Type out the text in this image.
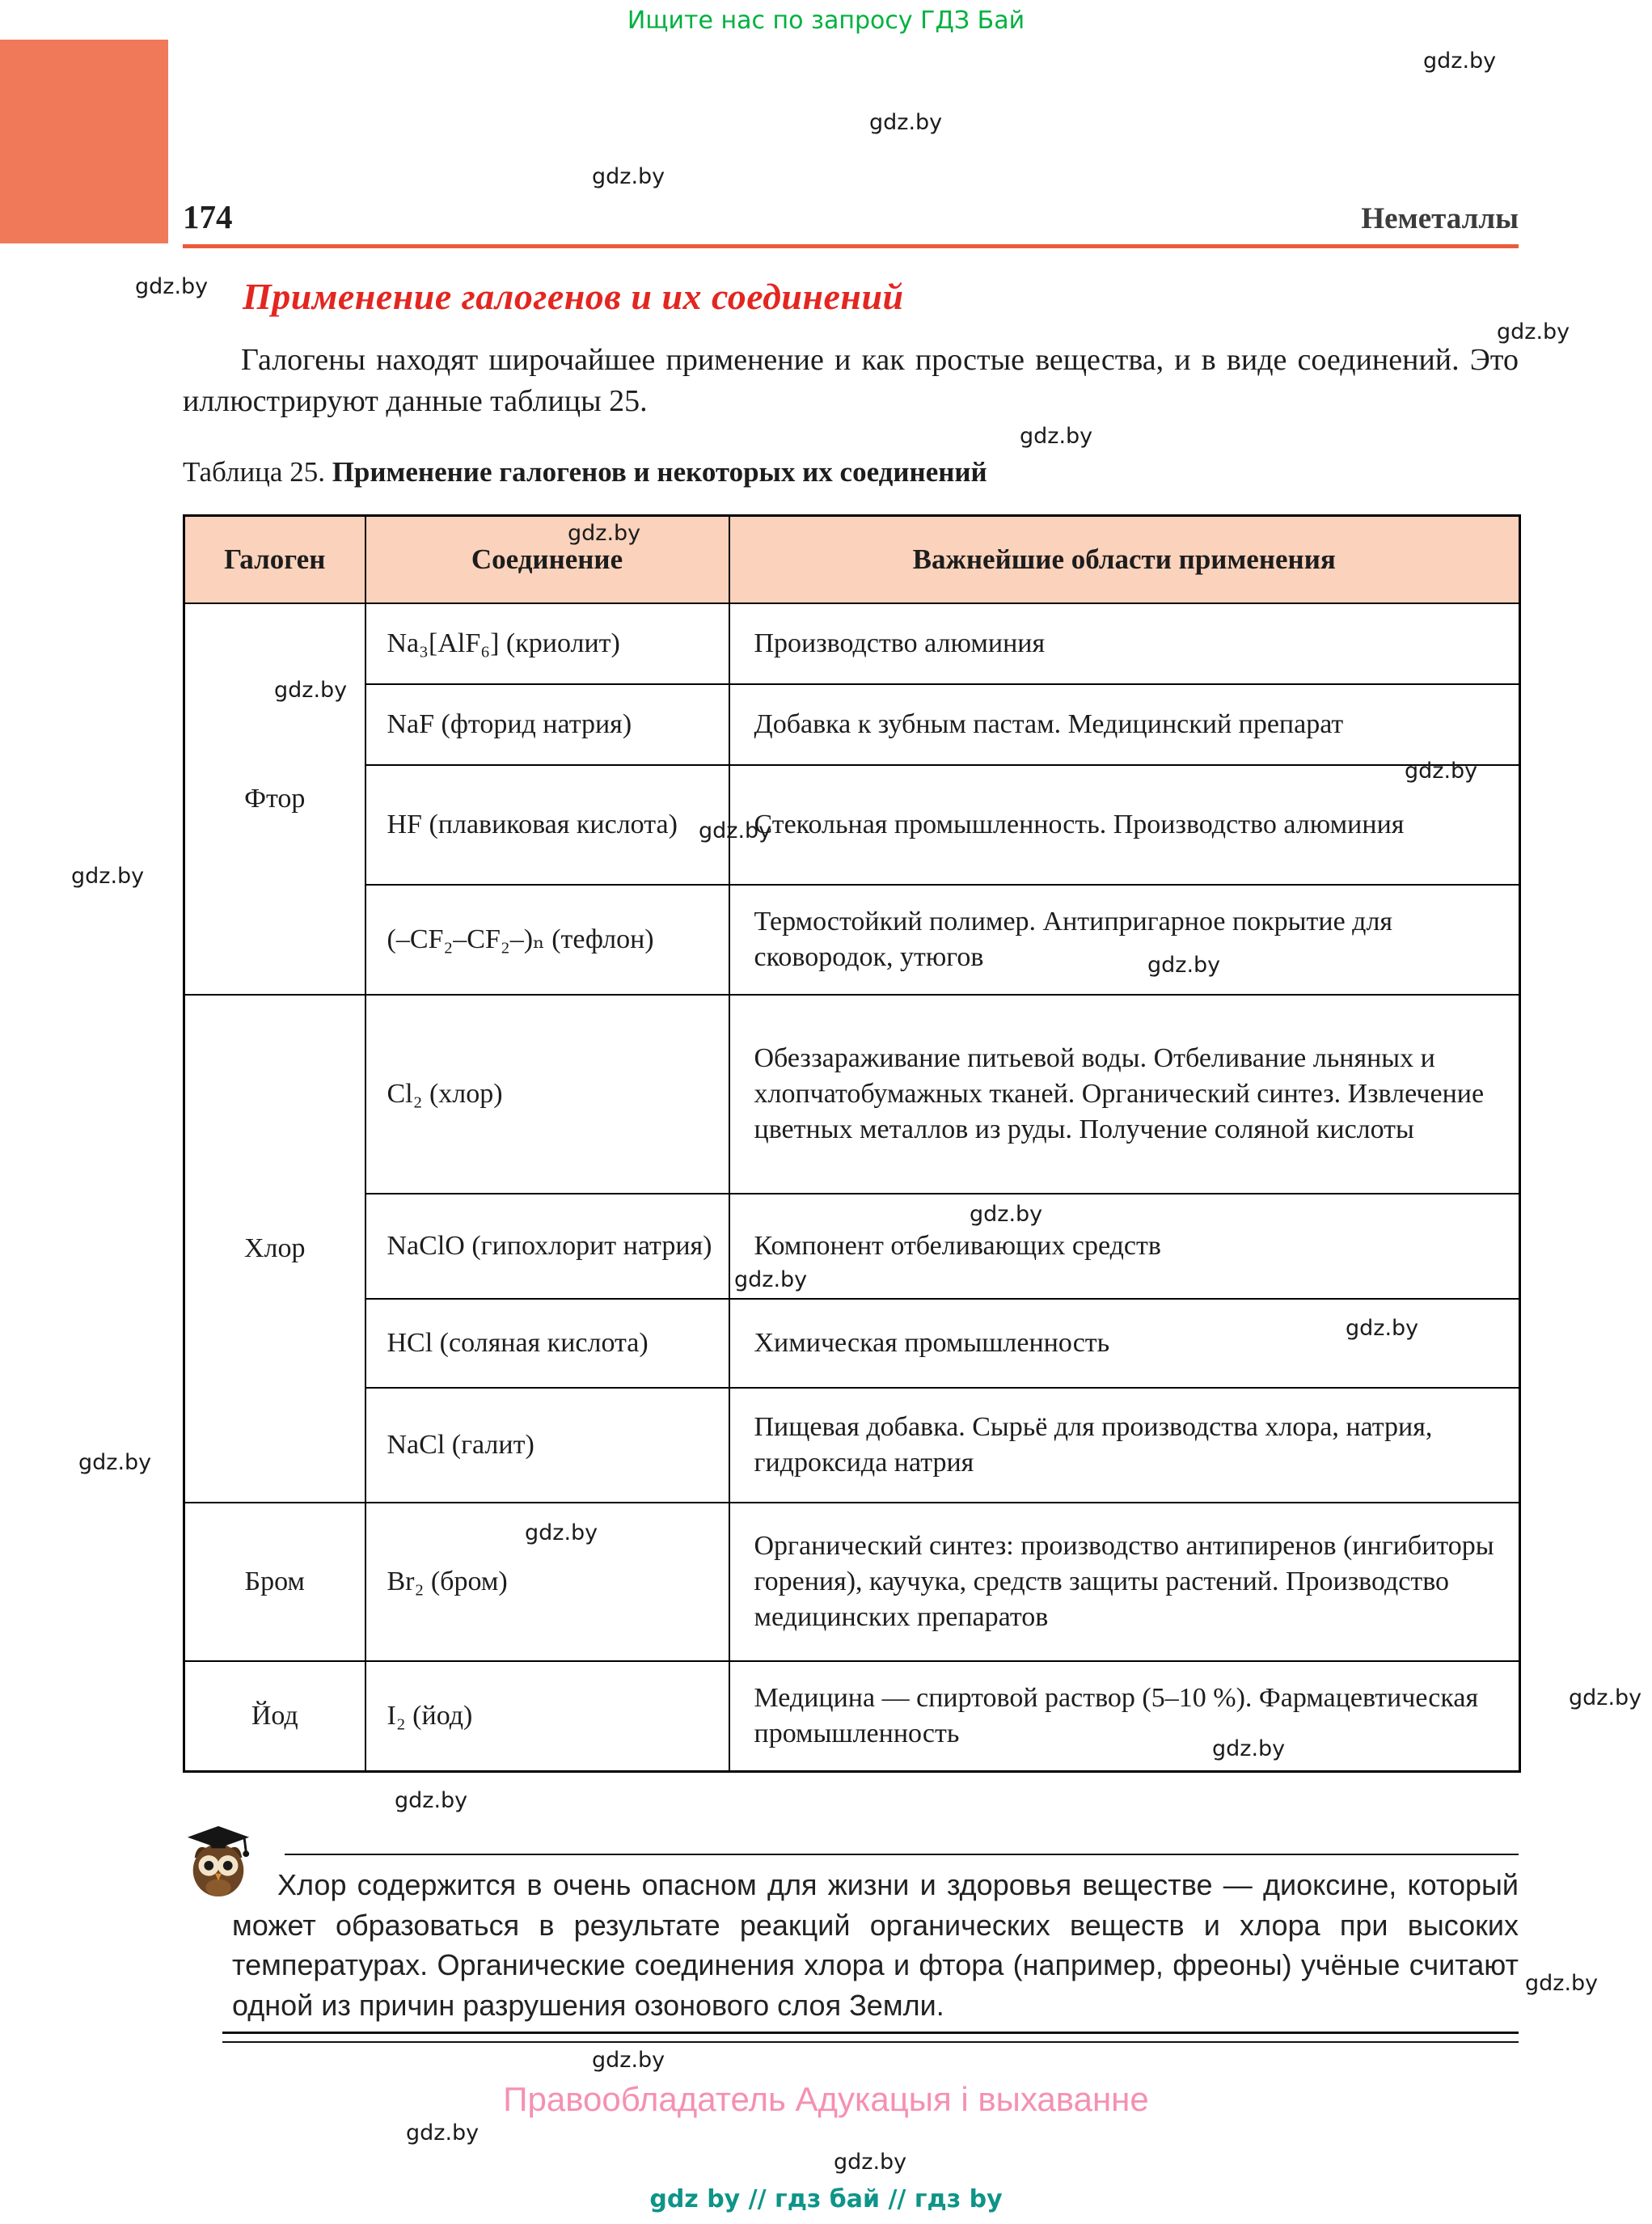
Ищите нас по запросу ГДЗ Бай
174	Неметаллы
Применение галогенов и их соединений

Галогены находят широчайшее применение и как простые вещества, и в виде соединений. Это иллюстрируют данные таблицы 25.

Таблица 25. Применение галогенов и некоторых их соединений

Галоген	Соединение	Важнейшие области применения
Фтор	Na₃[AlF₆] (криолит)	Производство алюминия
	NaF (фторид натрия)	Добавка к зубным пастам. Медицинский препарат
	HF (плавиковая кислота)	Стекольная промышленность. Производство алюминия
	(–CF₂–CF₂–)ₙ (тефлон)	Термостойкий полимер. Антипригарное покрытие для сковородок, утюгов
Хлор	Cl₂ (хлор)	Обеззараживание питьевой воды. Отбеливание льняных и хлопчатобумажных тканей. Органический синтез. Извлечение цветных металлов из руды. Получение соляной кислоты
	NaClO (гипохлорит натрия)	Компонент отбеливающих средств
	HCl (соляная кислота)	Химическая промышленность
	NaCl (галит)	Пищевая добавка. Сырьё для производства хлора, натрия, гидроксида натрия
Бром	Br₂ (бром)	Органический синтез: производство антипиренов (ингибиторы горения), каучука, средств защиты растений. Производство медицинских препаратов
Йод	I₂ (йод)	Медицина — спиртовой раствор (5–10 %). Фармацевтическая промышленность

Хлор содержится в очень опасном для жизни и здоровья веществе — диоксине, который может образоваться в результате реакций органических веществ и хлора при высоких температурах. Органические соединения хлора и фтора (например, фреоны) учёные считают одной из причин разрушения озонового слоя Земли.

Правообладатель Адукацыя і выхаванне
gdz by // гдз бай // гдз by
gdz.by
gdz.by
gdz.by
gdz.by
gdz.by
gdz.by
gdz.by
gdz.by
gdz.by
gdz.by
gdz.by
gdz.by
gdz.by
gdz.by
gdz.by
gdz.by
gdz.by
gdz.by
gdz.by
gdz.by
gdz.by
gdz.by
gdz.by
gdz.by
